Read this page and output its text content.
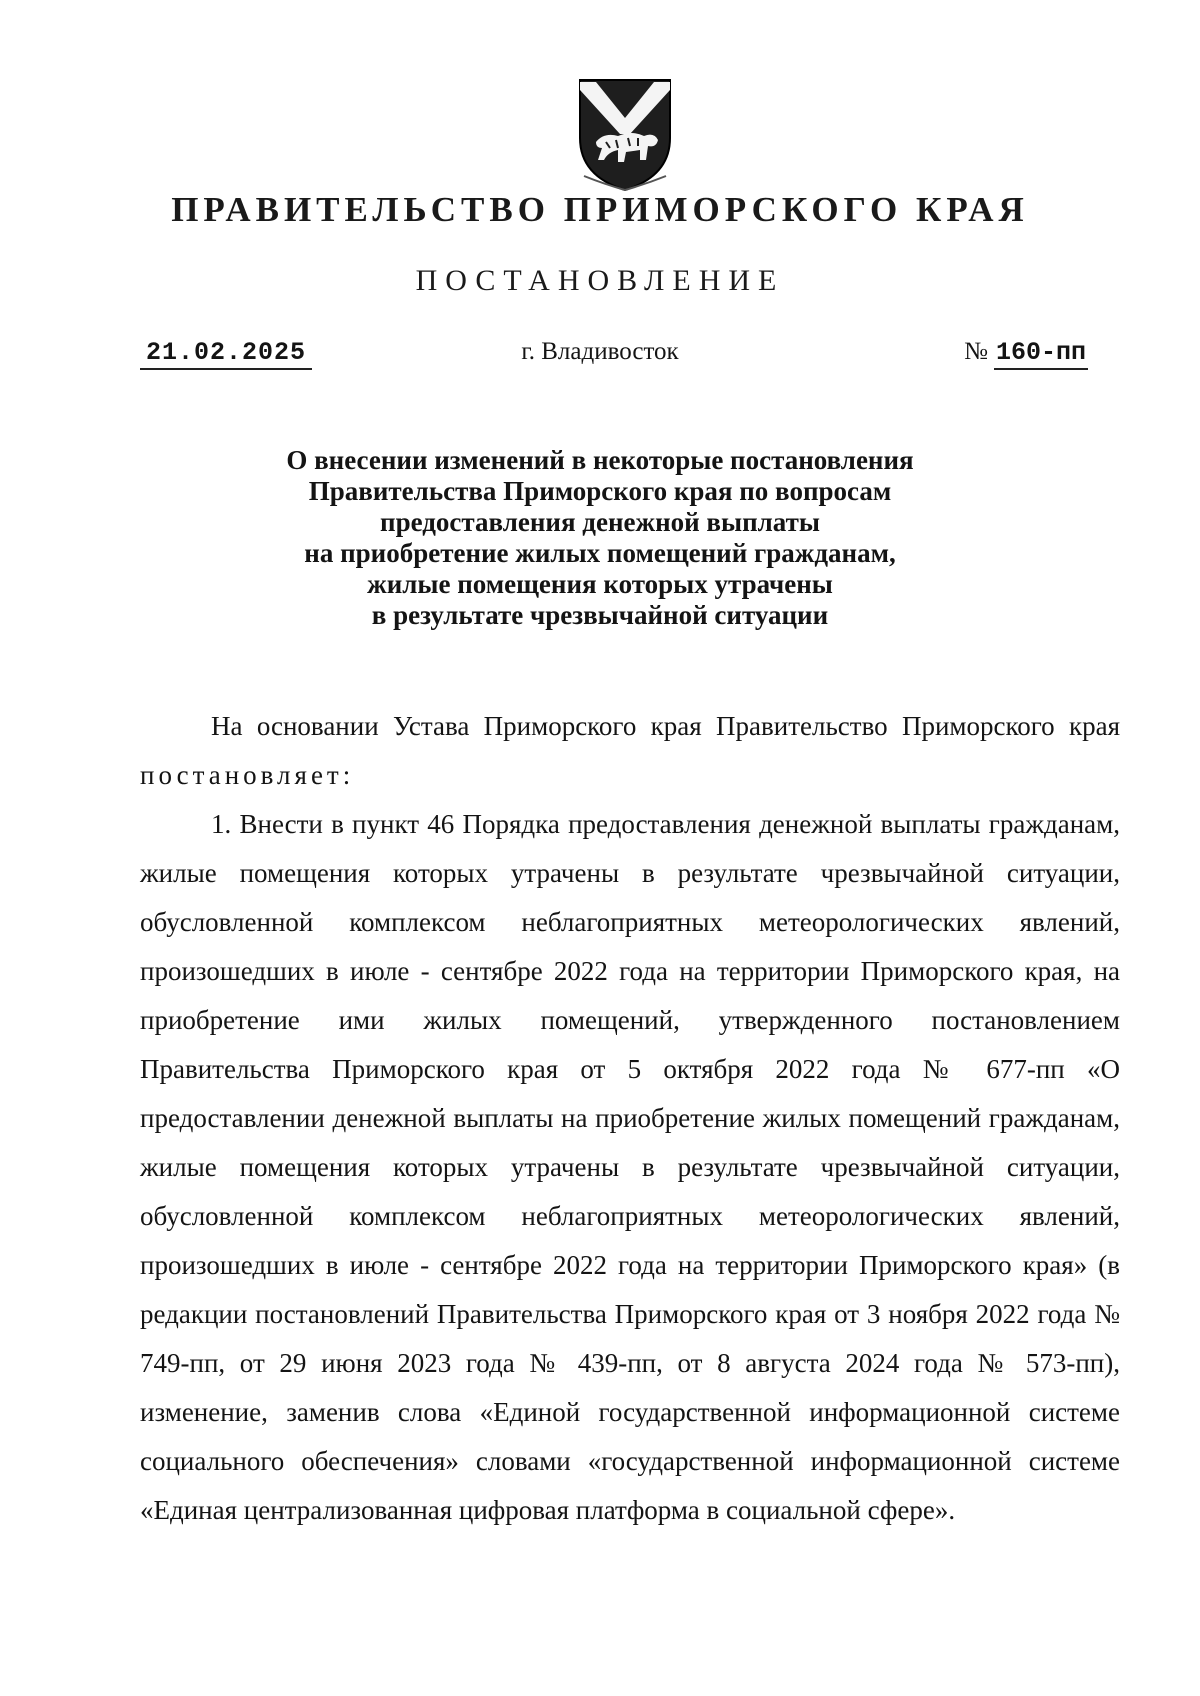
ПРАВИТЕЛЬСТВО ПРИМОРСКОГО КРАЯ
ПОСТАНОВЛЕНИЕ
21.02.2025	г. Владивосток	№ 160-пп
О внесении изменений в некоторые постановления
Правительства Приморского края по вопросам
предоставления денежной выплаты
на приобретение жилых помещений гражданам,
жилые помещения которых утрачены
в результате чрезвычайной ситуации

На основании Устава Приморского края Правительство Приморского края постановляет:

1. Внести в пункт 46 Порядка предоставления денежной выплаты гражданам, жилые помещения которых утрачены в результате чрезвычайной ситуации, обусловленной комплексом неблагоприятных метеорологических явлений, произошедших в июле - сентябре 2022 года на территории Приморского края, на приобретение ими жилых помещений, утвержденного постановлением Правительства Приморского края от 5 октября 2022 года № 677-пп «О предоставлении денежной выплаты на приобретение жилых помещений гражданам, жилые помещения которых утрачены в результате чрезвычайной ситуации, обусловленной комплексом неблагоприятных метеорологических явлений, произошедших в июле - сентябре 2022 года на территории Приморского края» (в редакции постановлений Правительства Приморского края от 3 ноября 2022 года № 749-пп, от 29 июня 2023 года № 439-пп, от 8 августа 2024 года № 573-пп), изменение, заменив слова «Единой государственной информационной системе социального обеспечения» словами «государственной информационной системе «Единая централизованная цифровая платформа в социальной сфере».
